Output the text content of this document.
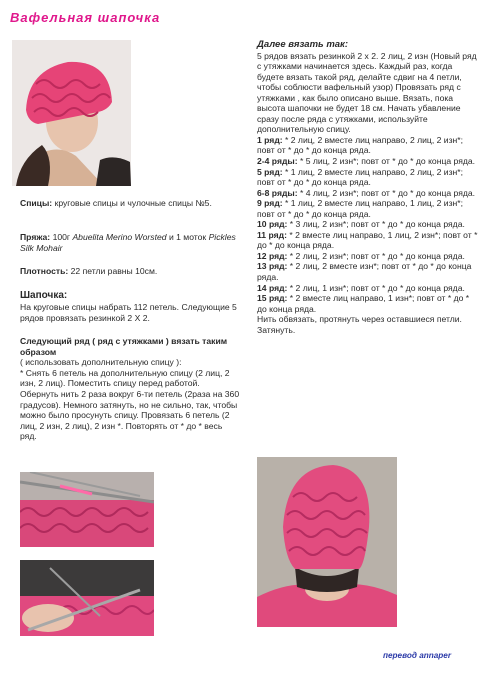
Вафельная шапочка

Спицы: круговые спицы и чулочные спицы №5.

Пряжа: 100г Abuelita Merino Worsted и 1 моток Pickles Silk Mohair

Плотность: 22 петли равны 10см.

Шапочка:

На круговые спицы набрать 112 петель. Следующие 5 рядов провязать резинкой 2 Х 2.

Следующий ряд ( ряд с утяжками ) вязать таким образом

( использовать дополнительную спицу ):

* Снять 6 петель на дополнительную спицу (2 лиц, 2 изн, 2 лиц). Поместить спицу перед работой. Обернуть нить 2 раза вокруг 6-ти петель (2раза на 360 градусов). Немного затянуть, но не сильно, так, чтобы можно было просунуть спицу. Провязать 6 петель (2 лиц, 2 изн, 2 лиц), 2 изн *. Повторять от * до * весь ряд.

Далее вязать так:

5 рядов вязать резинкой 2 х 2. 2 лиц, 2 изн (Новый ряд с утяжками начинается здесь. Каждый раз, когда будете вязать такой ряд, делайте сдвиг на 4 петли, чтобы соблюсти вафельный узор) Провязать ряд с утяжками , как было описано выше. Вязать, пока высота шапочки не будет 18 см. Начать убавление сразу после ряда с утяжками, используйте дополнительную спицу.

1 ряд: * 2 лиц, 2 вместе лиц направо, 2 лиц, 2 изн*; повт от * до * до конца ряда.

2-4 ряды: * 5 лиц, 2 изн*; повт от * до * до конца ряда.

5 ряд: * 1 лиц, 2 вместе лиц направо, 2 лиц, 2 изн*; повт от * до * до конца ряда.

6-8 ряды: * 4 лиц, 2 изн*; повт от * до * до конца ряда.

9 ряд: * 1 лиц, 2 вместе лиц направо, 1 лиц, 2 изн*; повт от * до * до конца ряда.

10 ряд: * 3 лиц, 2 изн*; повт от * до * до конца ряда.

11 ряд: * 2 вместе лиц направо, 1 лиц, 2 изн*; повт от * до * до конца ряда.

12 ряд: * 2 лиц, 2 изн*; повт от * до * до конца ряда.

13 ряд: * 2 лиц, 2 вместе изн*; повт от * до * до конца ряда.

14 ряд: * 2 лиц, 1 изн*; повт от * до * до конца ряда.

15 ряд: * 2 вместе лиц направо, 1 изн*; повт от * до * до конца ряда.

Нить обвязать, протянуть через оставшиеся петли. Затянуть.

перевод annaper
